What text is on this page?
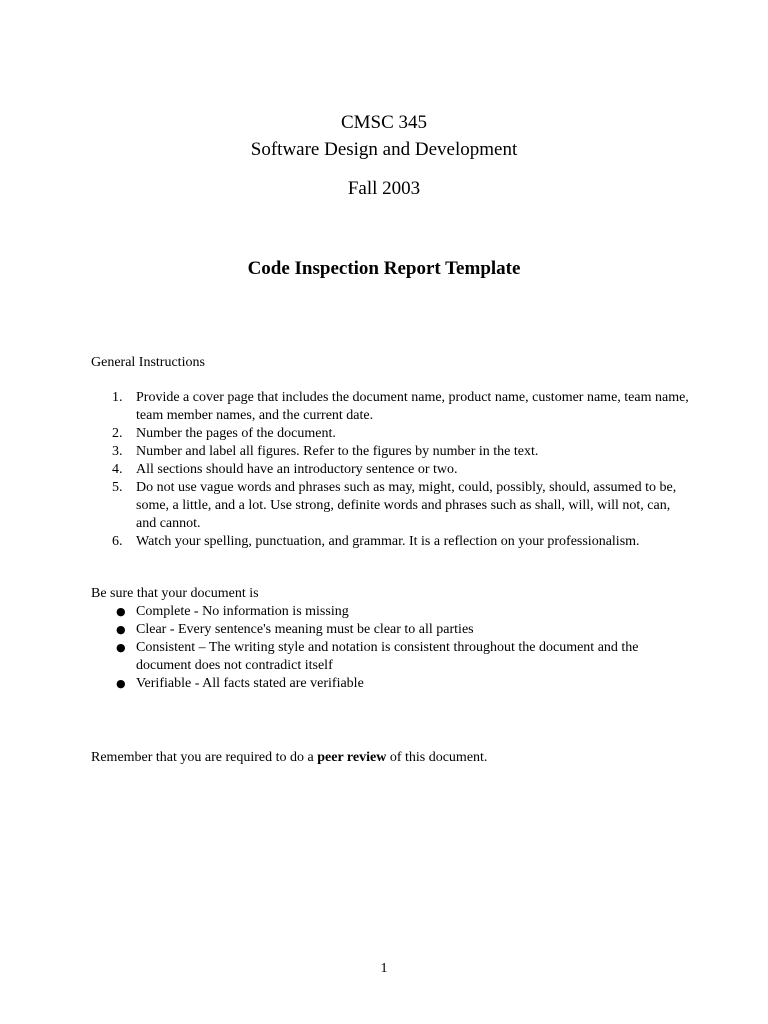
CMSC 345
Software Design and Development
Fall 2003
Code Inspection Report Template
General Instructions
1. Provide a cover page that includes the document name, product name, customer name, team name, team member names, and the current date.
2. Number the pages of the document.
3. Number and label all figures. Refer to the figures by number in the text.
4. All sections should have an introductory sentence or two.
5. Do not use vague words and phrases such as may, might, could, possibly, should, assumed to be, some, a little, and a lot. Use strong, definite words and phrases such as shall, will, will not, can, and cannot.
6. Watch your spelling, punctuation, and grammar. It is a reflection on your professionalism.
Be sure that your document is
● Complete - No information is missing
● Clear - Every sentence's meaning must be clear to all parties
● Consistent – The writing style and notation is consistent throughout the document and the document does not contradict itself
● Verifiable - All facts stated are verifiable
Remember that you are required to do a peer review of this document.
1
